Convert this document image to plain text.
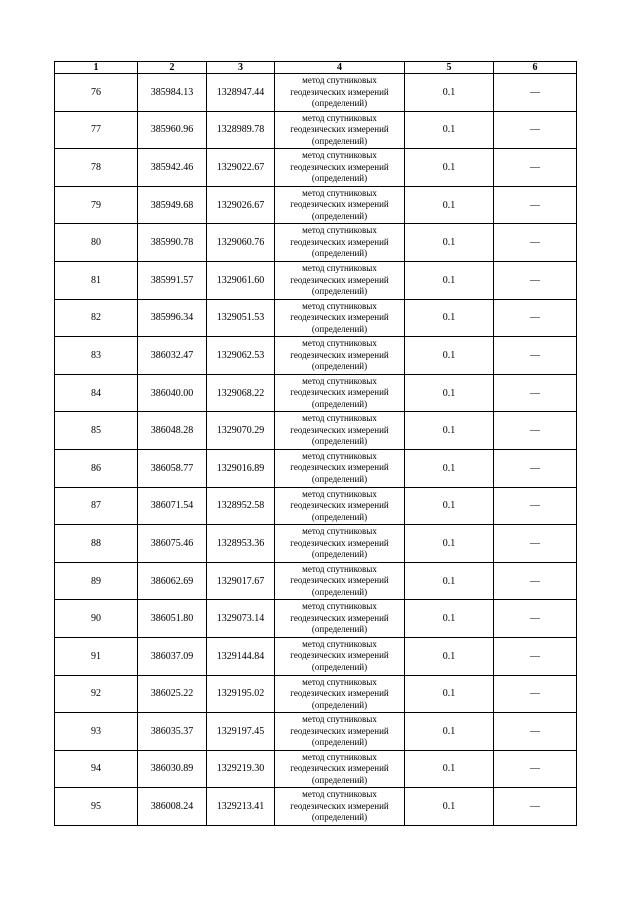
1	2	3	4	5	6
76	385984.13	1328947.44	метод спутниковых
геодезических измерений
(определений)	0.1	—
77	385960.96	1328989.78	метод спутниковых
геодезических измерений
(определений)	0.1	—
78	385942.46	1329022.67	метод спутниковых
геодезических измерений
(определений)	0.1	—
79	385949.68	1329026.67	метод спутниковых
геодезических измерений
(определений)	0.1	—
80	385990.78	1329060.76	метод спутниковых
геодезических измерений
(определений)	0.1	—
81	385991.57	1329061.60	метод спутниковых
геодезических измерений
(определений)	0.1	—
82	385996.34	1329051.53	метод спутниковых
геодезических измерений
(определений)	0.1	—
83	386032.47	1329062.53	метод спутниковых
геодезических измерений
(определений)	0.1	—
84	386040.00	1329068.22	метод спутниковых
геодезических измерений
(определений)	0.1	—
85	386048.28	1329070.29	метод спутниковых
геодезических измерений
(определений)	0.1	—
86	386058.77	1329016.89	метод спутниковых
геодезических измерений
(определений)	0.1	—
87	386071.54	1328952.58	метод спутниковых
геодезических измерений
(определений)	0.1	—
88	386075.46	1328953.36	метод спутниковых
геодезических измерений
(определений)	0.1	—
89	386062.69	1329017.67	метод спутниковых
геодезических измерений
(определений)	0.1	—
90	386051.80	1329073.14	метод спутниковых
геодезических измерений
(определений)	0.1	—
91	386037.09	1329144.84	метод спутниковых
геодезических измерений
(определений)	0.1	—
92	386025.22	1329195.02	метод спутниковых
геодезических измерений
(определений)	0.1	—
93	386035.37	1329197.45	метод спутниковых
геодезических измерений
(определений)	0.1	—
94	386030.89	1329219.30	метод спутниковых
геодезических измерений
(определений)	0.1	—
95	386008.24	1329213.41	метод спутниковых
геодезических измерений
(определений)	0.1	—
